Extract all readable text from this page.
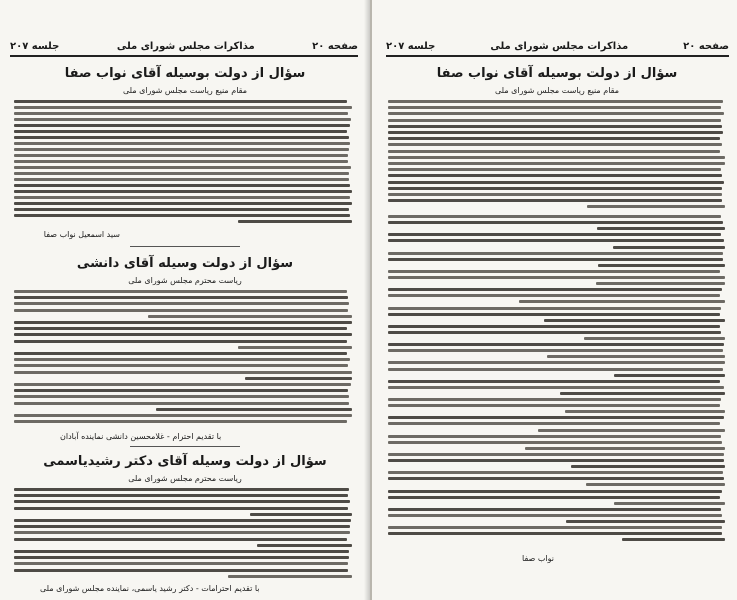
صفحه ۲۰
مذاکرات مجلس شورای ملی
جلسه ۲۰۷
سؤال از دولت بوسیله آقای نواب صفا
مقام منیع ریاست مجلس شورای ملی
سید اسمعیل نواب صفا
سؤال از دولت وسیله آقای دانشی
ریاست محترم مجلس شورای ملی
با تقدیم احترام - غلامحسین دانشی نماینده آبادان
سؤال از دولت وسیله آقای دکتر رشیدیاسمی
ریاست محترم مجلس شورای ملی
با تقدیم احترامات - دکتر رشید یاسمی، نماینده مجلس شورای ملی
صفحه ۲۰
مذاکرات مجلس شورای ملی
جلسه ۲۰۷
سؤال از دولت بوسیله آقای نواب صفا
مقام منیع ریاست مجلس شورای ملی
نواب صفا
